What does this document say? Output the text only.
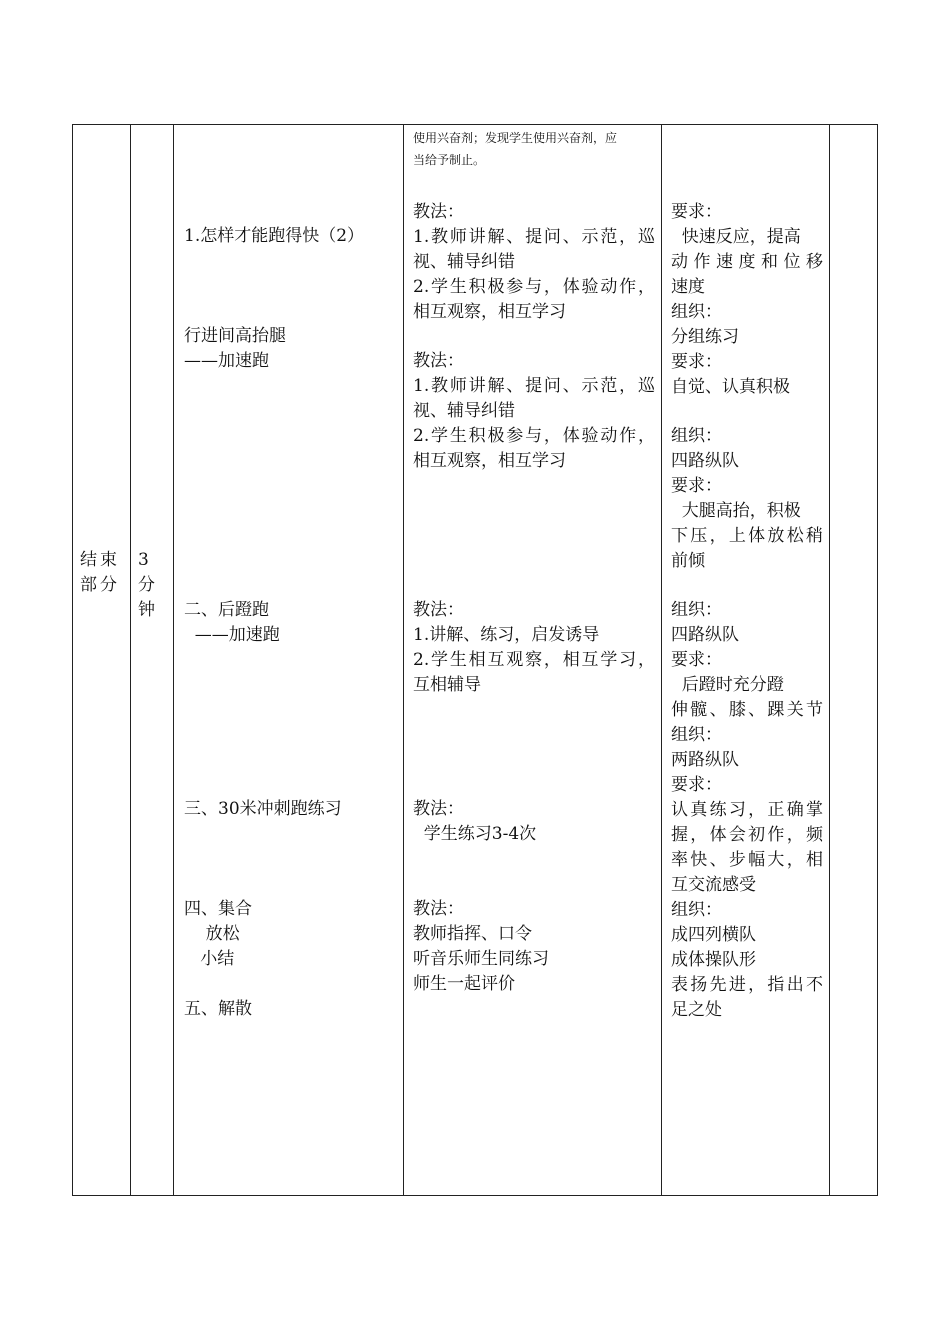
结束
部分
3
分
钟
1.怎样才能跑得快（2）
行进间高抬腿
——加速跑
二、后蹬跑
——加速跑
三、30米冲刺跑练习
四、集合
放松
小结
五、解散
使用兴奋剂；发现学生使用兴奋剂，应
当给予制止。
教法：
1.教师讲解、提问、示范，巡
视、辅导纠错
2.学生积极参与，体验动作，
相互观察，相互学习
教法：
1.教师讲解、提问、示范，巡
视、辅导纠错
2.学生积极参与，体验动作，
相互观察，相互学习
教法：
1.讲解、练习，启发诱导
2.学生相互观察，相互学习，
互相辅导
教法：
学生练习3-4次
教法：
教师指挥、口令
听音乐师生同练习
师生一起评价
要求：
快速反应，提高
动作速度和位移
速度
组织：
分组练习
要求：
自觉、认真积极
组织：
四路纵队
要求：
大腿高抬，积极
下压，上体放松稍
前倾
组织：
四路纵队
要求：
后蹬时充分蹬
伸髋、膝、踝关节
组织：
两路纵队
要求：
认真练习，正确掌
握，体会初作，频
率快、步幅大，相
互交流感受
组织：
成四列横队
成体操队形
表扬先进，指出不
足之处
